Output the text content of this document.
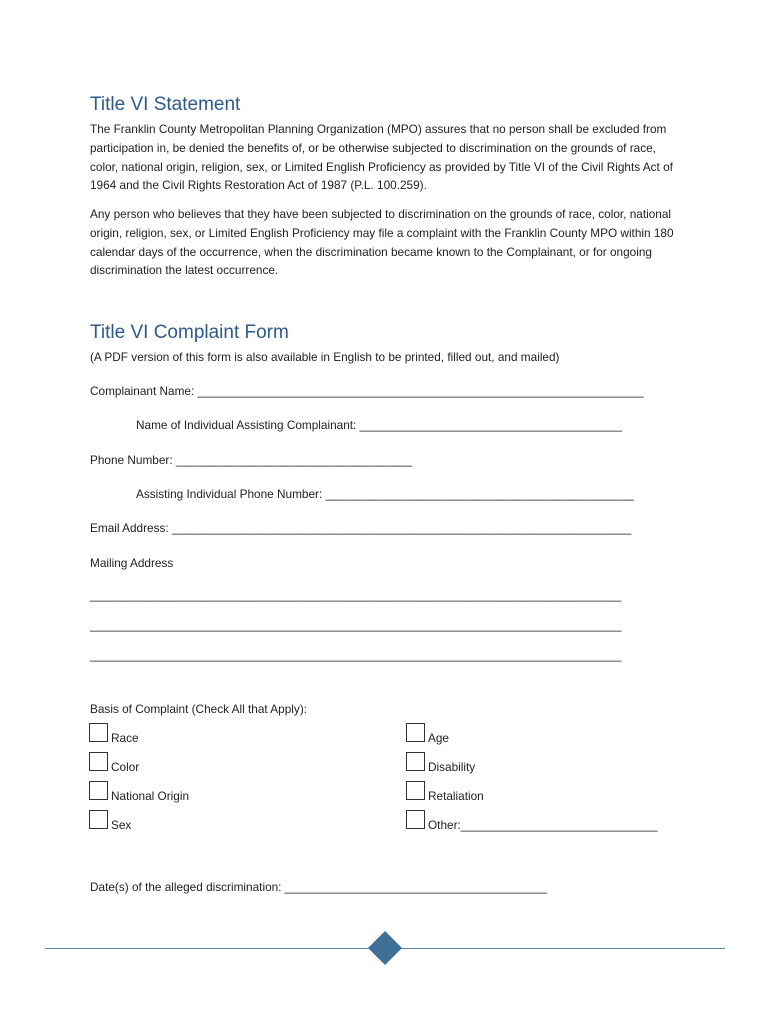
Title VI Statement

The Franklin County Metropolitan Planning Organization (MPO) assures that no person shall be excluded from participation in, be denied the benefits of, or be otherwise subjected to discrimination on the grounds of race, color, national origin, religion, sex, or Limited English Proficiency as provided by Title VI of the Civil Rights Act of 1964 and the Civil Rights Restoration Act of 1987 (P.L. 100.259).

Any person who believes that they have been subjected to discrimination on the grounds of race, color, national origin, religion, sex, or Limited English Proficiency may file a complaint with the Franklin County MPO within 180 calendar days of the occurrence, when the discrimination became known to the Complainant, or for ongoing discrimination the latest occurrence.

Title VI Complaint Form
(A PDF version of this form is also available in English to be printed, filled out, and mailed)
Complainant Name: ____________________________________________________________________
Name of Individual Assisting Complainant: ________________________________________
Phone Number: ____________________________________
Assisting Individual Phone Number: _______________________________________________
Email Address: ______________________________________________________________________
Mailing Address
_________________________________________________________________________________
_________________________________________________________________________________
_________________________________________________________________________________
Basis of Complaint (Check All that Apply):
Race
Color
National Origin
Sex
Age
Disability
Retaliation
Other:______________________________
Date(s) of the alleged discrimination: ________________________________________
